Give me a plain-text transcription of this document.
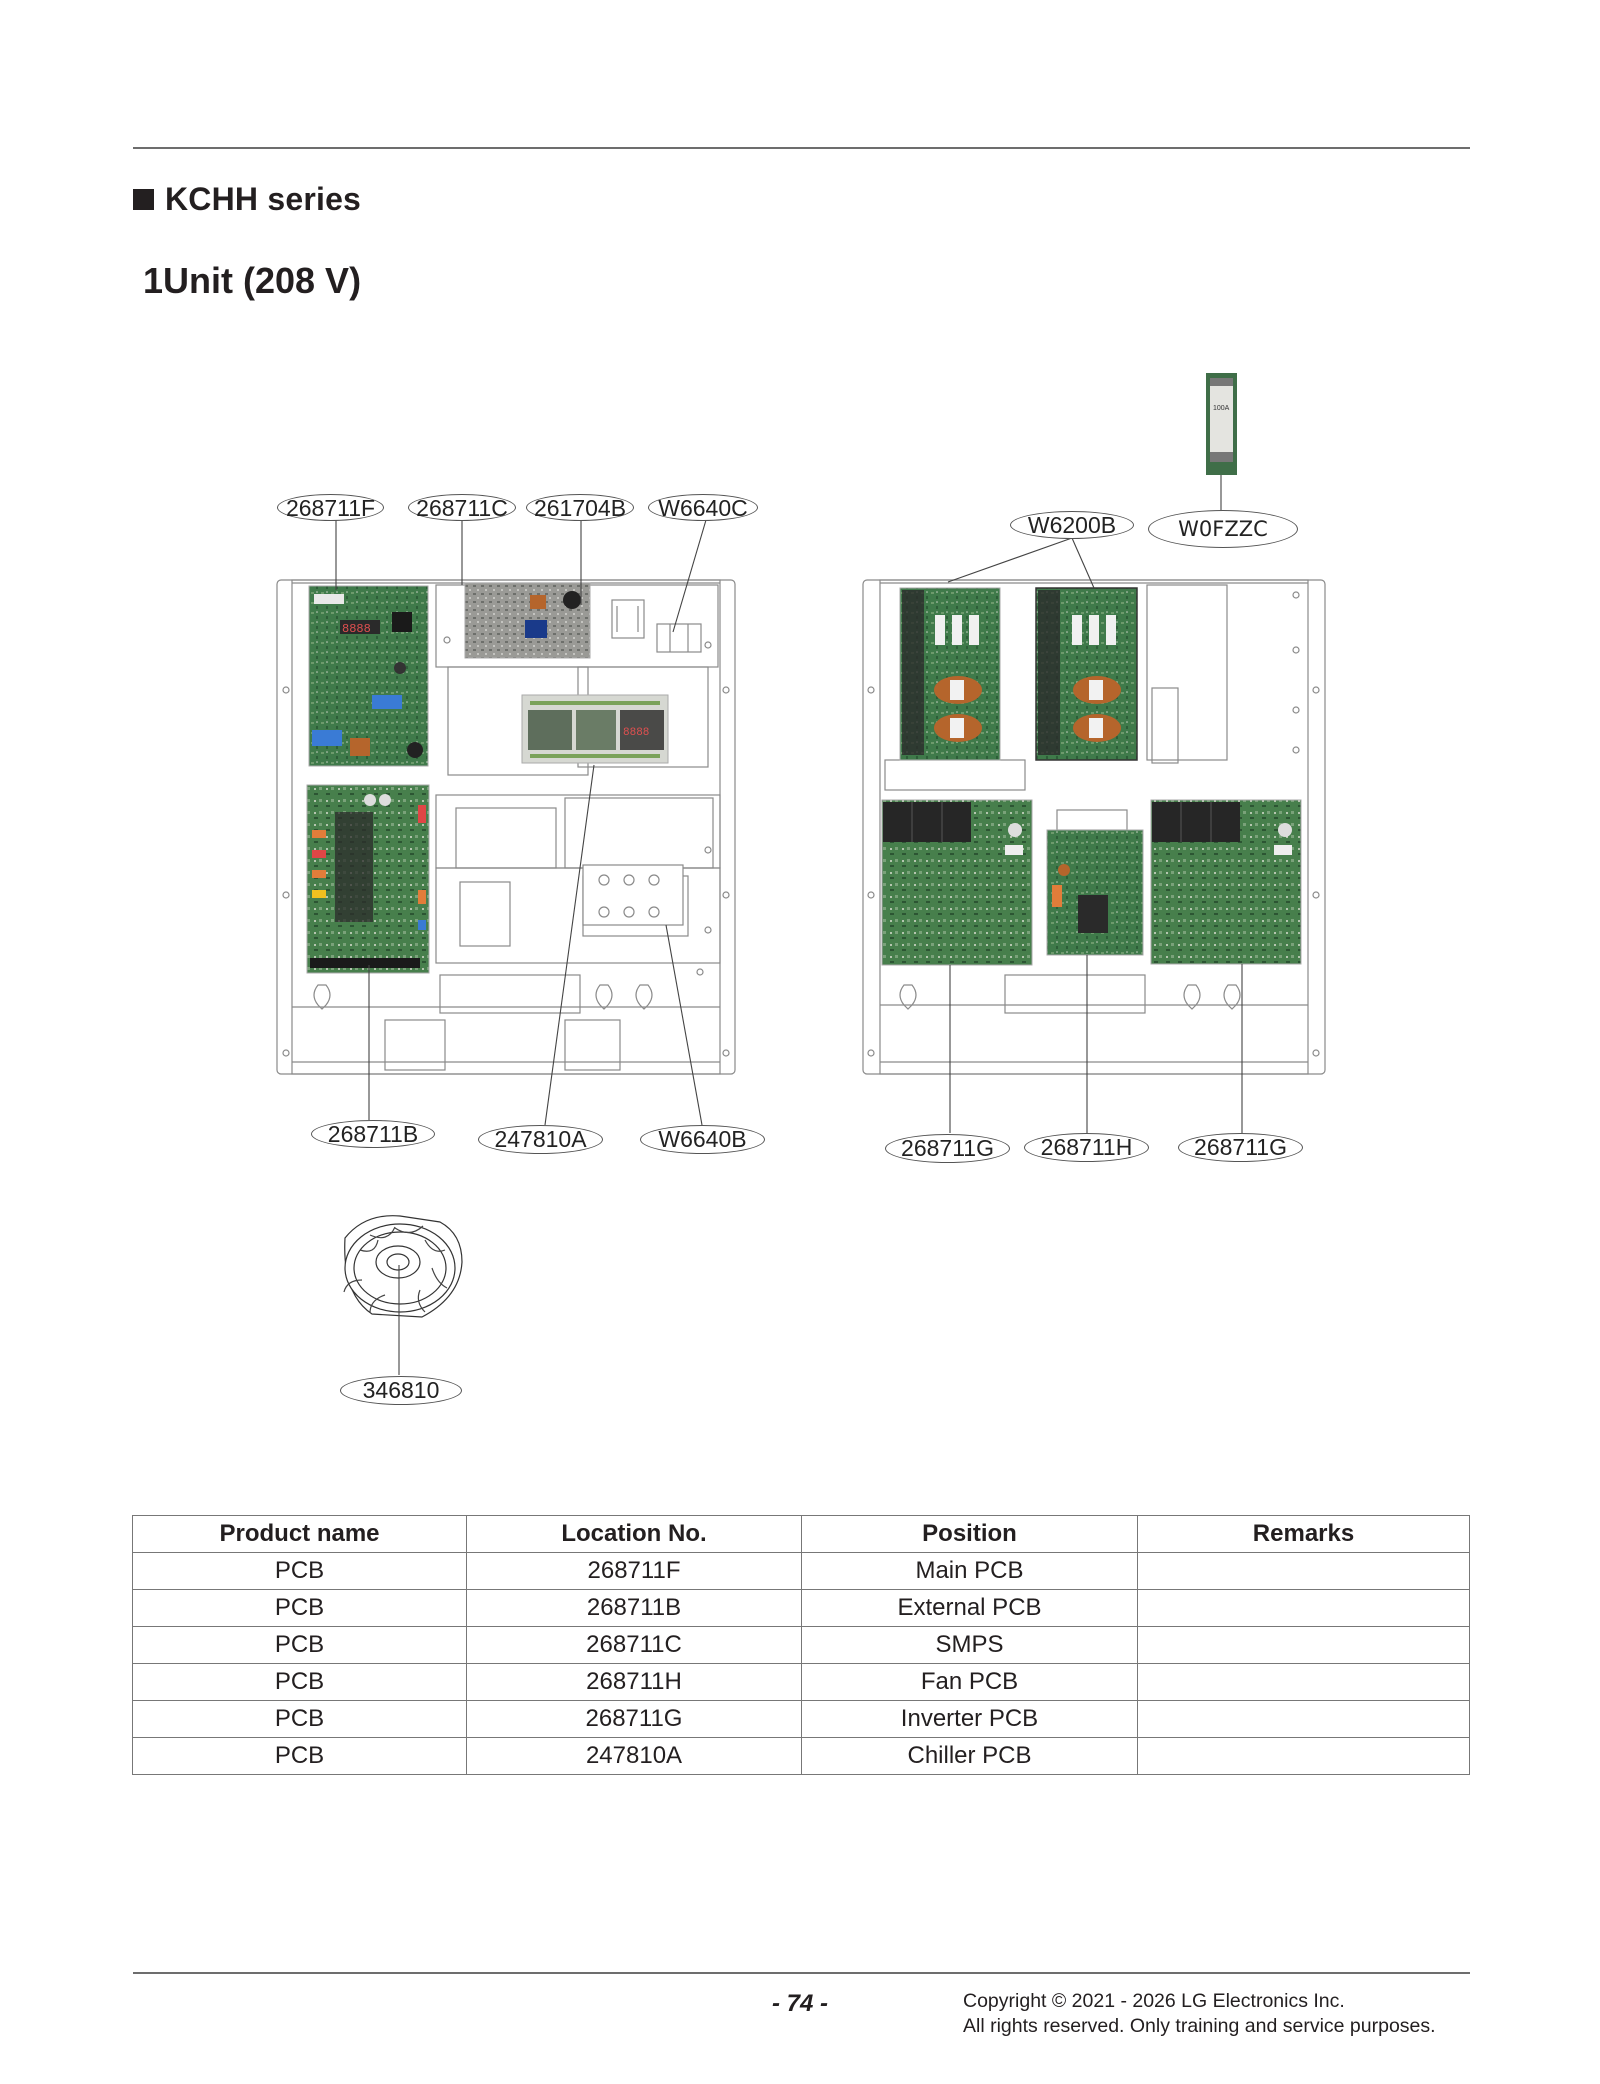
KCHH series
1Unit (208 V)
8888
8888
100A
268711F	268711C	261704B	W6640C
W6200B	W0FZZC
268711B	247810A	W6640B	268711G	268711H	268711G
346810
Product name	Location No.	Position	Remarks
PCB	268711F	Main PCB	
PCB	268711B	External PCB	
PCB	268711C	SMPS	
PCB	268711H	Fan PCB	
PCB	268711G	Inverter PCB	
PCB	247810A	Chiller PCB	
- 74 -	Copyright © 2021 - 2026 LG Electronics Inc.
All rights reserved. Only training and service purposes.
